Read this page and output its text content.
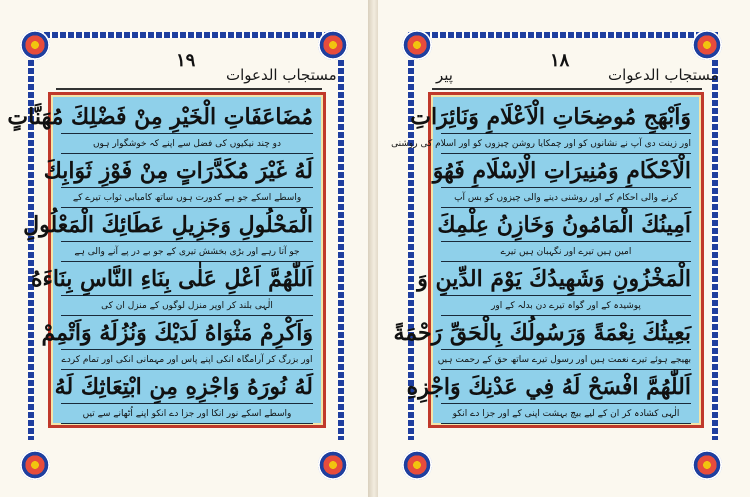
۱۹
مستجاب الدعوات
مُضَاعَفَاتِ الْخَيْرِ مِنْ فَضْلِكَ مُهَنَّاتٍ
دو چند نیکیوں کی فضل سے اپنے کہ خوشگوار ہوں
لَهُ غَيْرَ مُكَدَّرَاتٍ مِنْ فَوْزِ ثَوَابِكَ
واسطے اسکے جو ہے کدورت ہوں ساتھ کامیابی ثواب تیرے کے
الْمَحْلُولِ وَجَزِيلِ عَطَائِكَ الْمَعْلُولِ
جو آتا رہے اور بڑی بخشش تیری کے جو بے در پے آنے والی ہے
اَللّٰهُمَّ اَعْلِ عَلٰى بِنَاءِ النَّاسِ بِنَاءَهُ
الٰہی بلند کر اوپر منزل لوگوں کے منزل ان کی
وَاَكْرِمْ مَثْوَاهُ لَدَيْكَ وَنُزُلَهُ وَاَتْمِمْ
اور بزرگ کر آرامگاہ انکی اپنے پاس اور مہمانی انکی اور تمام کردے
لَهُ نُورَهُ وَاجْزِهِ مِنِ ابْتِعَاثِكَ لَهُ
واسطے اسکے نور انکا اور جزا دے انکو اپنے اُٹھانے سے تیں
پیر
۱۸
مستجاب الدعوات
وَاَبْهَجِ مُوضِحَاتِ الْاَعْلَامِ وَنَائِرَاتِ
اور زینت دی آپ نے نشانوں کو اور چمکایا روشن چیزوں کو اور اسلام کی روشنی
الْاَحْكَامِ وَمُنِيرَاتِ الْاِسْلَامِ فَهُوَ
کرنے والی احکام کے اور روشنی دینے والی چیزوں کو بس آپ
اَمِينُكَ الْمَامُونُ وَخَازِنُ عِلْمِكَ
امین ہیں تیرے اور نگہبان ہیں تیرے
الْمَخْزُونِ وَشَهِيدُكَ يَوْمَ الدِّينِ وَ
پوشیدہ کے اور گواہ تیرے دن بدلہ کے اور
بَعِيثُكَ نِعْمَةً وَرَسُولُكَ بِالْحَقِّ رَحْمَةً
بھیجے ہوئے تیرے نعمت ہیں اور رسول تیرے ساتھ حق کے رحمت ہیں
اَللّٰهُمَّ افْسَحْ لَهُ فِي عَدْنِكَ وَاجْزِهِ
الٰہی کشادہ کر ان کے لیے بیچ بہشت اپنی کے اور جزا دے انکو
